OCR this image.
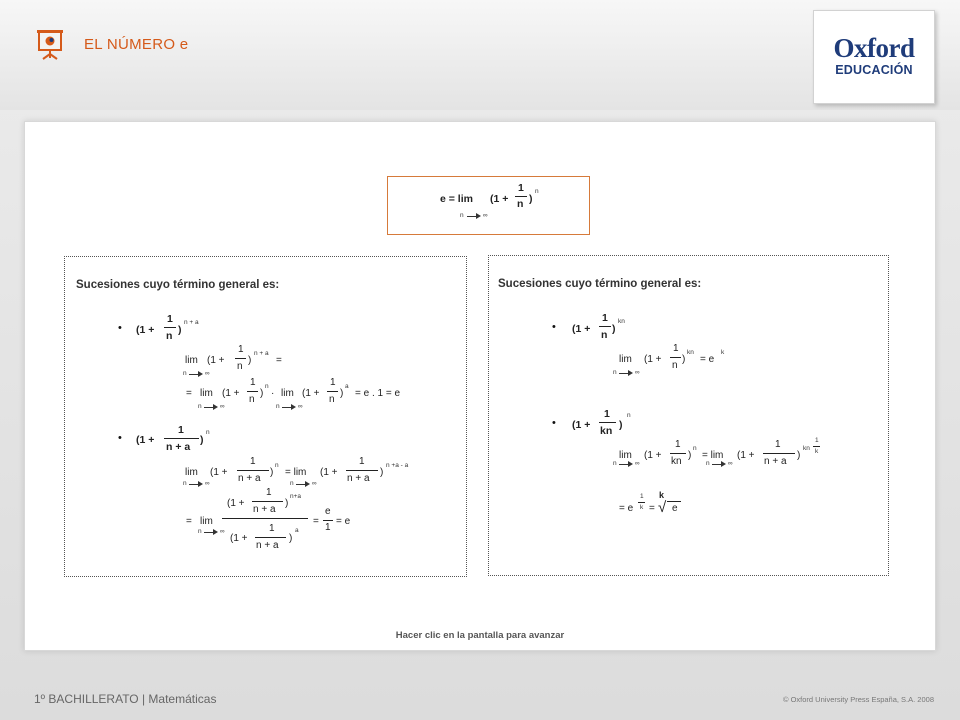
EL NÚMERO e	Oxford
EDUCACIÓN
e = lim (1 +
1
n )
n
n	∞
Sucesiones cuyo término general es:
• (1 +
1
n )
n + a
lim (1 +
1
n
)
n + a
=
n	∞
= lim (1 +
1
n
)
n
· lim (1 +
1
n
)
a
= e . 1 = e
n	∞	n	∞
• (1 +
1
n + a
)
n
lim (1 +
1
n + a
)
n
= lim (1 +
1
n + a
)
n +a - a
n	∞	n	∞
= lim
(1 +
1
n + a
)
n+a
(1 +
1
n + a
)
a
=
e
1
= e
n	∞
Sucesiones cuyo término general es:
• (1 +
1
n )
kn
lim (1 +
1
n
)
kn
= e
k
n	∞
• (1 +
1
kn )
n
lim (1 +
1
kn
)
n
= lim (1 +
1
n + a
)
kn
1
k
n	∞	n	∞
= e
1
k =
k
√ e
Hacer clic en la pantalla para avanzar
1º BACHILLERATO | Matemáticas	© Oxford University Press España, S.A. 2008
